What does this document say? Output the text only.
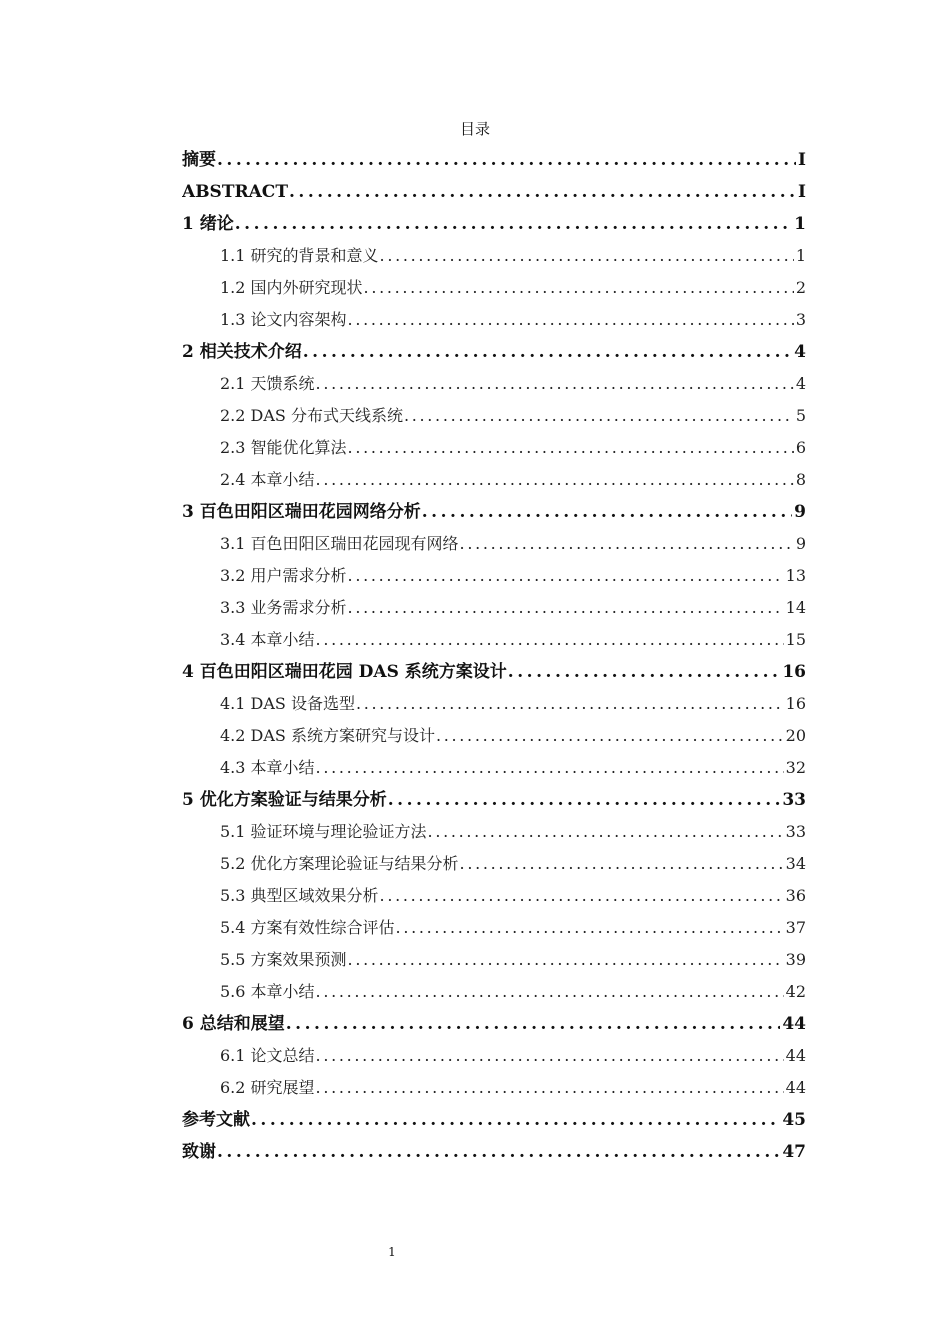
目录
摘要 . . .	I
ABSTRACT . . .	I
1 绪论 . . .	1
1.1 研究的背景和意义 . . .	1
1.2 国内外研究现状 . . .	2
1.3 论文内容架构 . . .	3
2 相关技术介绍 . . .	4
2.1 天馈系统 . . .	4
2.2 DAS 分布式天线系统 . . .	5
2.3 智能优化算法 . . .	6
2.4 本章小结 . . .	8
3 百色田阳区瑞田花园网络分析 . . .	9
3.1 百色田阳区瑞田花园现有网络 . . .	9
3.2 用户需求分析 . . .	13
3.3 业务需求分析 . . .	14
3.4 本章小结 . . .	15
4 百色田阳区瑞田花园 DAS 系统方案设计 . . .	16
4.1 DAS 设备选型 . . .	16
4.2 DAS 系统方案研究与设计 . . .	20
4.3 本章小结 . . .	32
5 优化方案验证与结果分析 . . .	33
5.1 验证环境与理论验证方法 . . .	33
5.2 优化方案理论验证与结果分析 . . .	34
5.3 典型区域效果分析 . . .	36
5.4 方案有效性综合评估 . . .	37
5.5 方案效果预测 . . .	39
5.6 本章小结 . . .	42
6 总结和展望 . . .	44
6.1 论文总结 . . .	44
6.2 研究展望 . . .	44
参考文献 . . .	45
致谢 . . .	47
1
